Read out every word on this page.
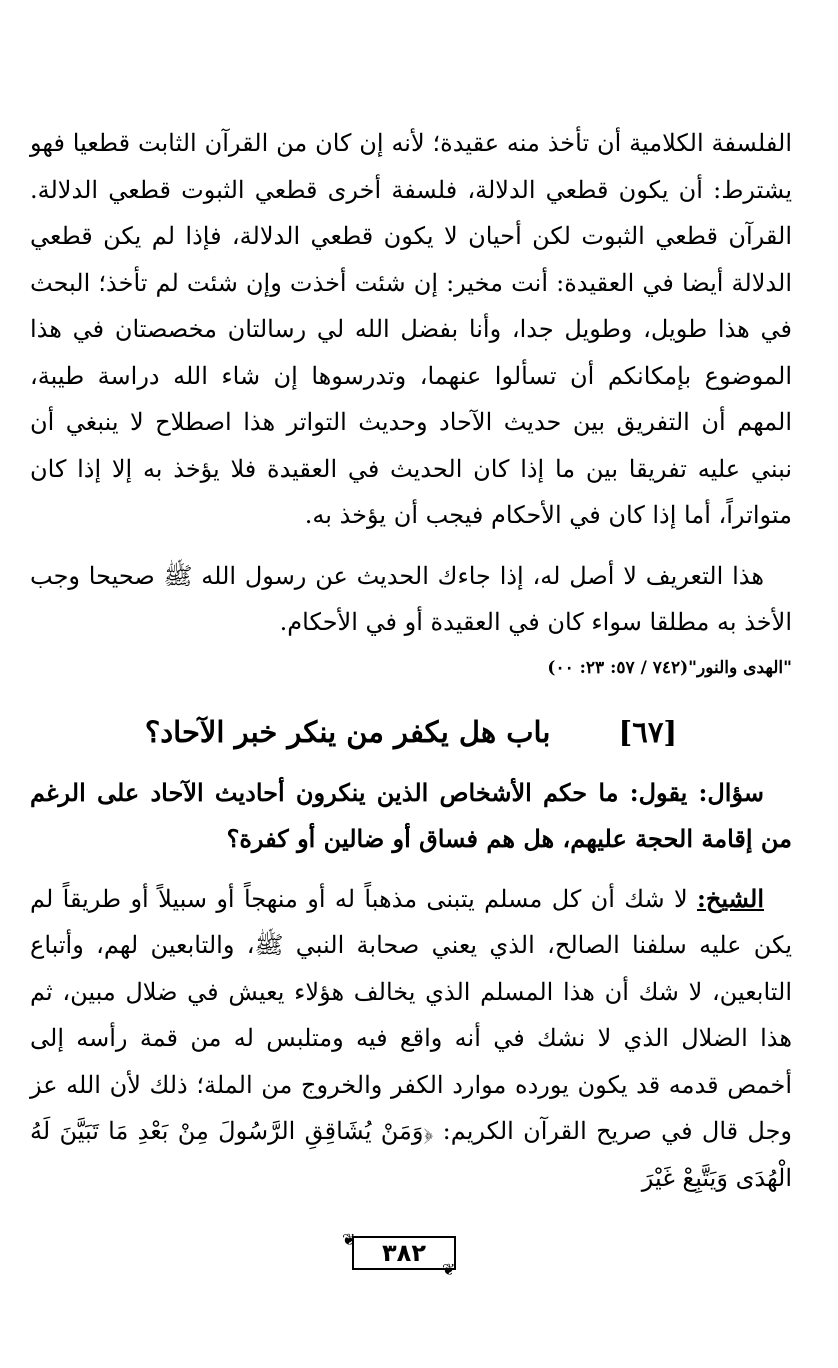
الفلسفة الكلامية أن تأخذ منه عقيدة؛ لأنه إن كان من القرآن الثابت قطعيا فهو يشترط: أن يكون قطعي الدلالة، فلسفة أخرى قطعي الثبوت قطعي الدلالة. القرآن قطعي الثبوت لكن أحيان لا يكون قطعي الدلالة، فإذا لم يكن قطعي الدلالة أيضا في العقيدة: أنت مخير: إن شئت أخذت وإن شئت لم تأخذ؛ البحث في هذا طويل، وطويل جدا، وأنا بفضل الله لي رسالتان مخصصتان في هذا الموضوع بإمكانكم أن تسألوا عنهما، وتدرسوها إن شاء الله دراسة طيبة، المهم أن التفريق بين حديث الآحاد وحديث التواتر هذا اصطلاح لا ينبغي أن نبني عليه تفريقا بين ما إذا كان الحديث في العقيدة فلا يؤخذ به إلا إذا كان متواتراً، أما إذا كان في الأحكام فيجب أن يؤخذ به.

هذا التعريف لا أصل له، إذا جاءك الحديث عن رسول الله ﷺ صحيحا وجب الأخذ به مطلقا سواء كان في العقيدة أو في الأحكام.

"الهدى والنور"(٧٤٢ / ٥٧: ٢٣: ٠٠)

[٦٧] باب هل يكفر من ينكر خبر الآحاد؟

سؤال: يقول: ما حكم الأشخاص الذين ينكرون أحاديث الآحاد على الرغم من إقامة الحجة عليهم، هل هم فساق أو ضالين أو كفرة؟

الشيخ: لا شك أن كل مسلم يتبنى مذهباً له أو منهجاً أو سبيلاً أو طريقاً لم يكن عليه سلفنا الصالح، الذي يعني صحابة النبي ﷺ، والتابعين لهم، وأتباع التابعين، لا شك أن هذا المسلم الذي يخالف هؤلاء يعيش في ضلال مبين، ثم هذا الضلال الذي لا نشك في أنه واقع فيه ومتلبس له من قمة رأسه إلى أخمص قدمه قد يكون يورده موارد الكفر والخروج من الملة؛ ذلك لأن الله عز وجل قال في صريح القرآن الكريم: ﴿وَمَنْ يُشَاقِقِ الرَّسُولَ مِنْ بَعْدِ مَا تَبَيَّنَ لَهُ الْهُدَى وَيَتَّبِعْ غَيْرَ

❦
❦
٣٨٢
